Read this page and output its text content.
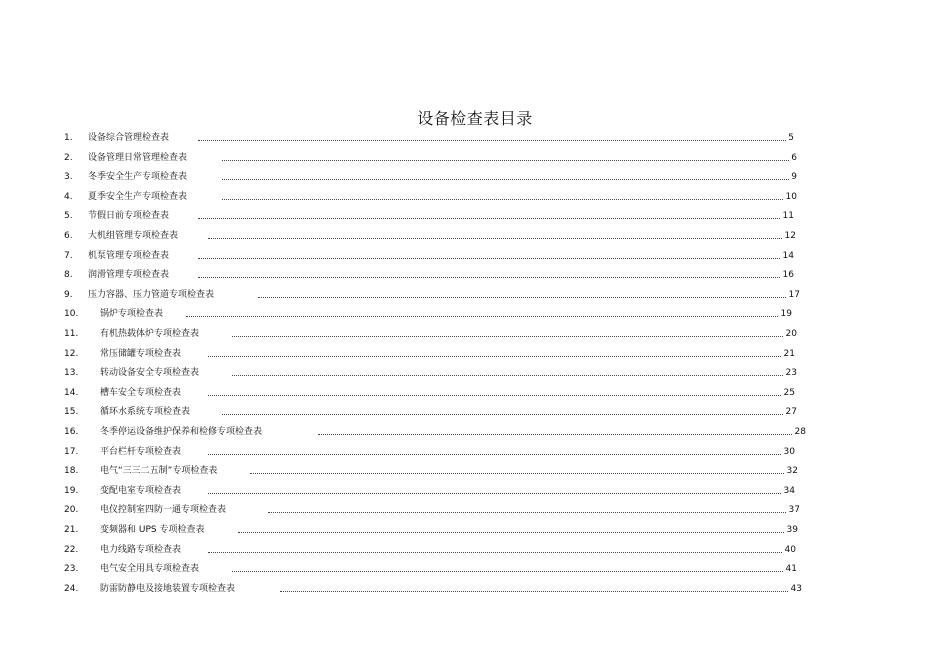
设备检查表目录
1. 设备综合管理检查表	5
2. 设备管理日常管理检查表	6
3. 冬季安全生产专项检查表	9
4. 夏季安全生产专项检查表	10
5. 节假日前专项检查表	11
6. 大机组管理专项检查表	12
7. 机泵管理专项检查表	14
8. 润滑管理专项检查表	16
9. 压力容器、压力管道专项检查表	17
10. 锅炉专项检查表	19
11. 有机热载体炉专项检查表	20
12. 常压储罐专项检查表	21
13. 转动设备安全专项检查表	23
14. 槽车安全专项检查表	25
15. 循环水系统专项检查表	27
16. 冬季停运设备维护保养和检修专项检查表	28
17. 平台栏杆专项检查表	30
18. 电气“三三二五制”专项检查表	32
19. 变配电室专项检查表	34
20. 电仪控制室四防一通专项检查表	37
21. 变频器和 UPS 专项检查表	39
22. 电力线路专项检查表	40
23. 电气安全用具专项检查表	41
24. 防雷防静电及接地装置专项检查表	43
